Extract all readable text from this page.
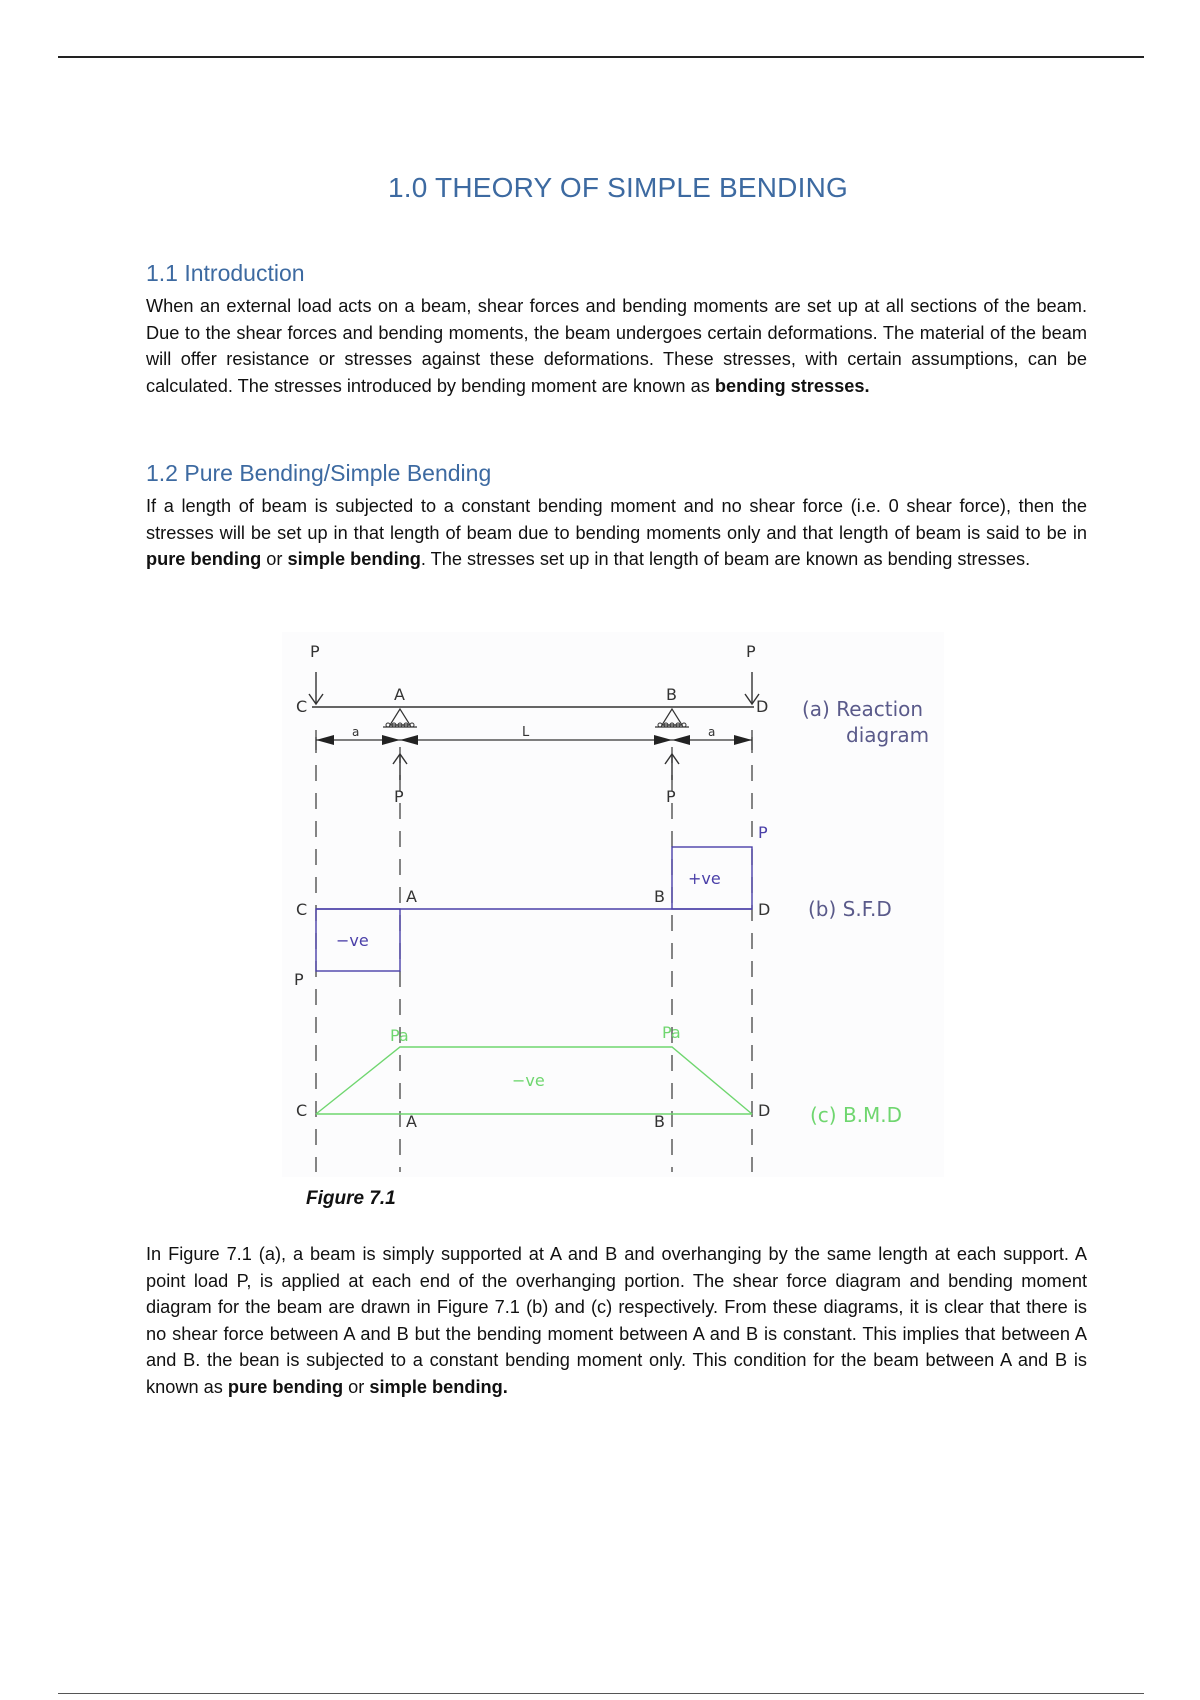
1.0 THEORY OF SIMPLE BENDING
1.1 Introduction

When an external load acts on a beam, shear forces and bending moments are set up at all sections of the beam. Due to the shear forces and bending moments, the beam undergoes certain deformations. The material of the beam will offer resistance or stresses against these deformations. These stresses, with certain assumptions, can be calculated. The stresses introduced by bending moment are known as bending stresses.

1.2 Pure Bending/Simple Bending

If a length of beam is subjected to a constant bending moment and no shear force (i.e. 0 shear force), then the stresses will be set up in that length of beam due to bending moments only and that length of beam is said to be in pure bending or simple bending. The stresses set up in that length of beam are known as bending stresses.

P	P
C
A	B
D
P	P
a	L	a
C
A	B
D
P
P
−ve
+ve
C
A	B
D
Pa	Pa
−ve
(a) Reaction
diagram
(b) S.F.D
(c) B.M.D

Figure 7.1

In Figure 7.1 (a), a beam is simply supported at A and B and overhanging by the same length at each support. A point load P, is applied at each end of the overhanging portion. The shear force diagram and bending moment diagram for the beam are drawn in Figure 7.1 (b) and (c) respectively. From these diagrams, it is clear that there is no shear force between A and B but the bending moment between A and B is constant. This implies that between A and B. the bean is subjected to a constant bending moment only. This condition for the beam between A and B is known as pure bending or simple bending.
